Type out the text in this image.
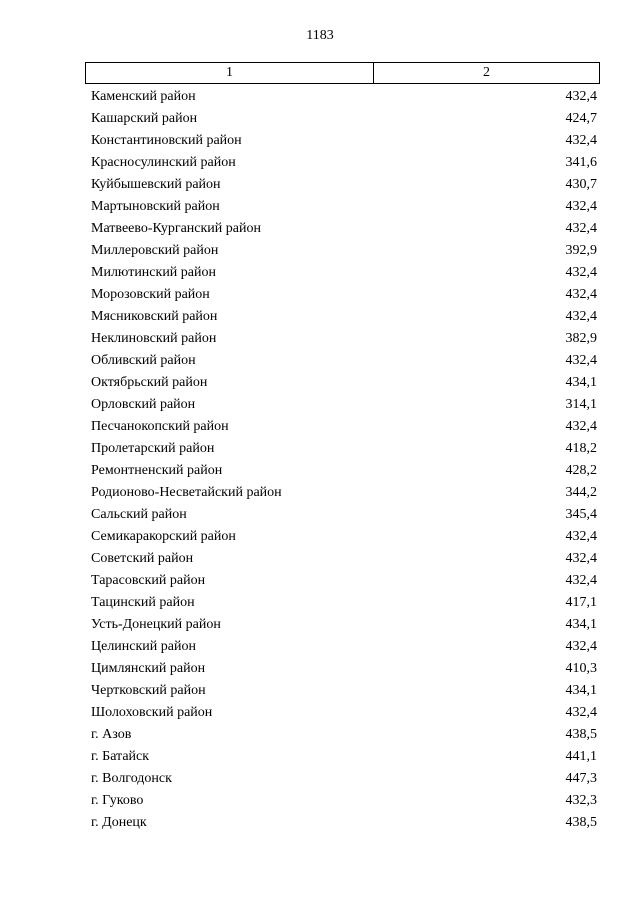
1183
1	2
Каменский район	432,4
Кашарский район	424,7
Константиновский район	432,4
Красносулинский район	341,6
Куйбышевский район	430,7
Мартыновский район	432,4
Матвеево-Курганский район	432,4
Миллеровский район	392,9
Милютинский район	432,4
Морозовский район	432,4
Мясниковский район	432,4
Неклиновский район	382,9
Обливский район	432,4
Октябрьский район	434,1
Орловский район	314,1
Песчанокопский район	432,4
Пролетарский район	418,2
Ремонтненский район	428,2
Родионово-Несветайский район	344,2
Сальский район	345,4
Семикаракорский район	432,4
Советский район	432,4
Тарасовский район	432,4
Тацинский район	417,1
Усть-Донецкий район	434,1
Целинский район	432,4
Цимлянский район	410,3
Чертковский район	434,1
Шолоховский район	432,4
г. Азов	438,5
г. Батайск	441,1
г. Волгодонск	447,3
г. Гуково	432,3
г. Донецк	438,5
